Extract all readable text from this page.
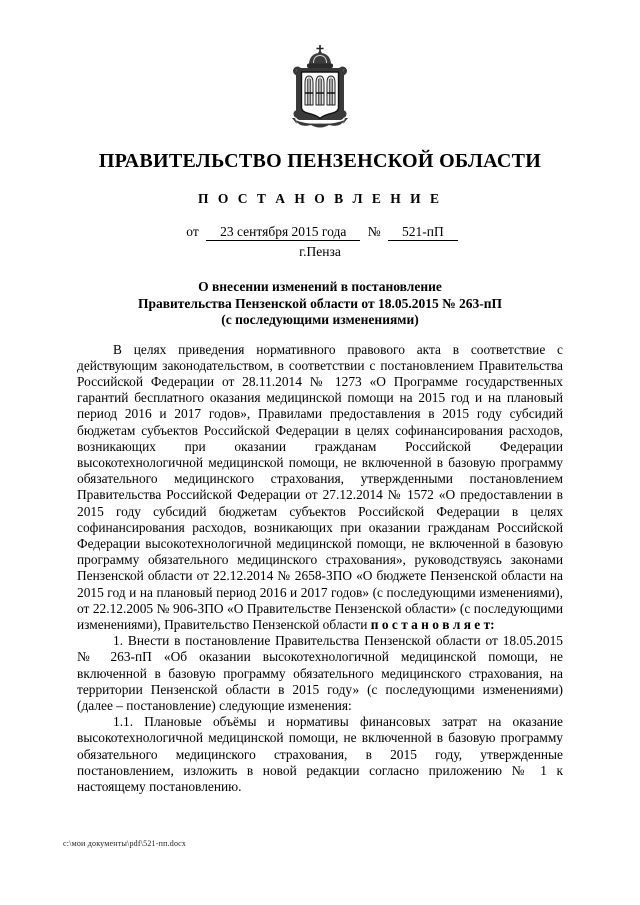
ПРАВИТЕЛЬСТВО ПЕНЗЕНСКОЙ ОБЛАСТИ
П О С Т А Н О В Л Е Н И Е
от 23 сентября 2015 года № 521-пП
г.Пенза
О внесении изменений в постановление
Правительства Пензенской области от 18.05.2015 № 263-пП
(с последующими изменениями)

В целях приведения нормативного правового акта в соответствие с действующим законодательством, в соответствии с постановлением Правительства Российской Федерации от 28.11.2014 № 1273 «О Программе государственных гарантий бесплатного оказания медицинской помощи на 2015 год и на плановый период 2016 и 2017 годов», Правилами предоставления в 2015 году субсидий бюджетам субъектов Российской Федерации в целях софинансирования расходов, возникающих при оказании гражданам Российской Федерации высокотехнологичной медицинской помощи, не включенной в базовую программу обязательного медицинского страхования, утвержденными постановлением Правительства Российской Федерации от 27.12.2014 № 1572 «О предоставлении в 2015 году субсидий бюджетам субъектов Российской Федерации в целях софинансирования расходов, возникающих при оказании гражданам Российской Федерации высокотехнологичной медицинской помощи, не включенной в базовую программу обязательного медицинского страхования», руководствуясь законами Пензенской области от 22.12.2014 № 2658-ЗПО «О бюджете Пензенской области на 2015 год и на плановый период 2016 и 2017 годов» (с последующими изменениями), от 22.12.2005 № 906-ЗПО «О Правительстве Пензенской области» (с последующими изменениями), Правительство Пензенской области п о с т а н о в л я е т:

1. Внести в постановление Правительства Пензенской области от 18.05.2015 № 263-пП «Об оказании высокотехнологичной медицинской помощи, не включенной в базовую программу обязательного медицинского страхования, на территории Пензенской области в 2015 году» (с последующими изменениями) (далее – постановление) следующие изменения:

1.1. Плановые объёмы и нормативы финансовых затрат на оказание высокотехнологичной медицинской помощи, не включенной в базовую программу обязательного медицинского страхования, в 2015 году, утвержденные постановлением, изложить в новой редакции согласно приложению № 1 к настоящему постановлению.

с:\мои документы\pdf\521-пп.docx
